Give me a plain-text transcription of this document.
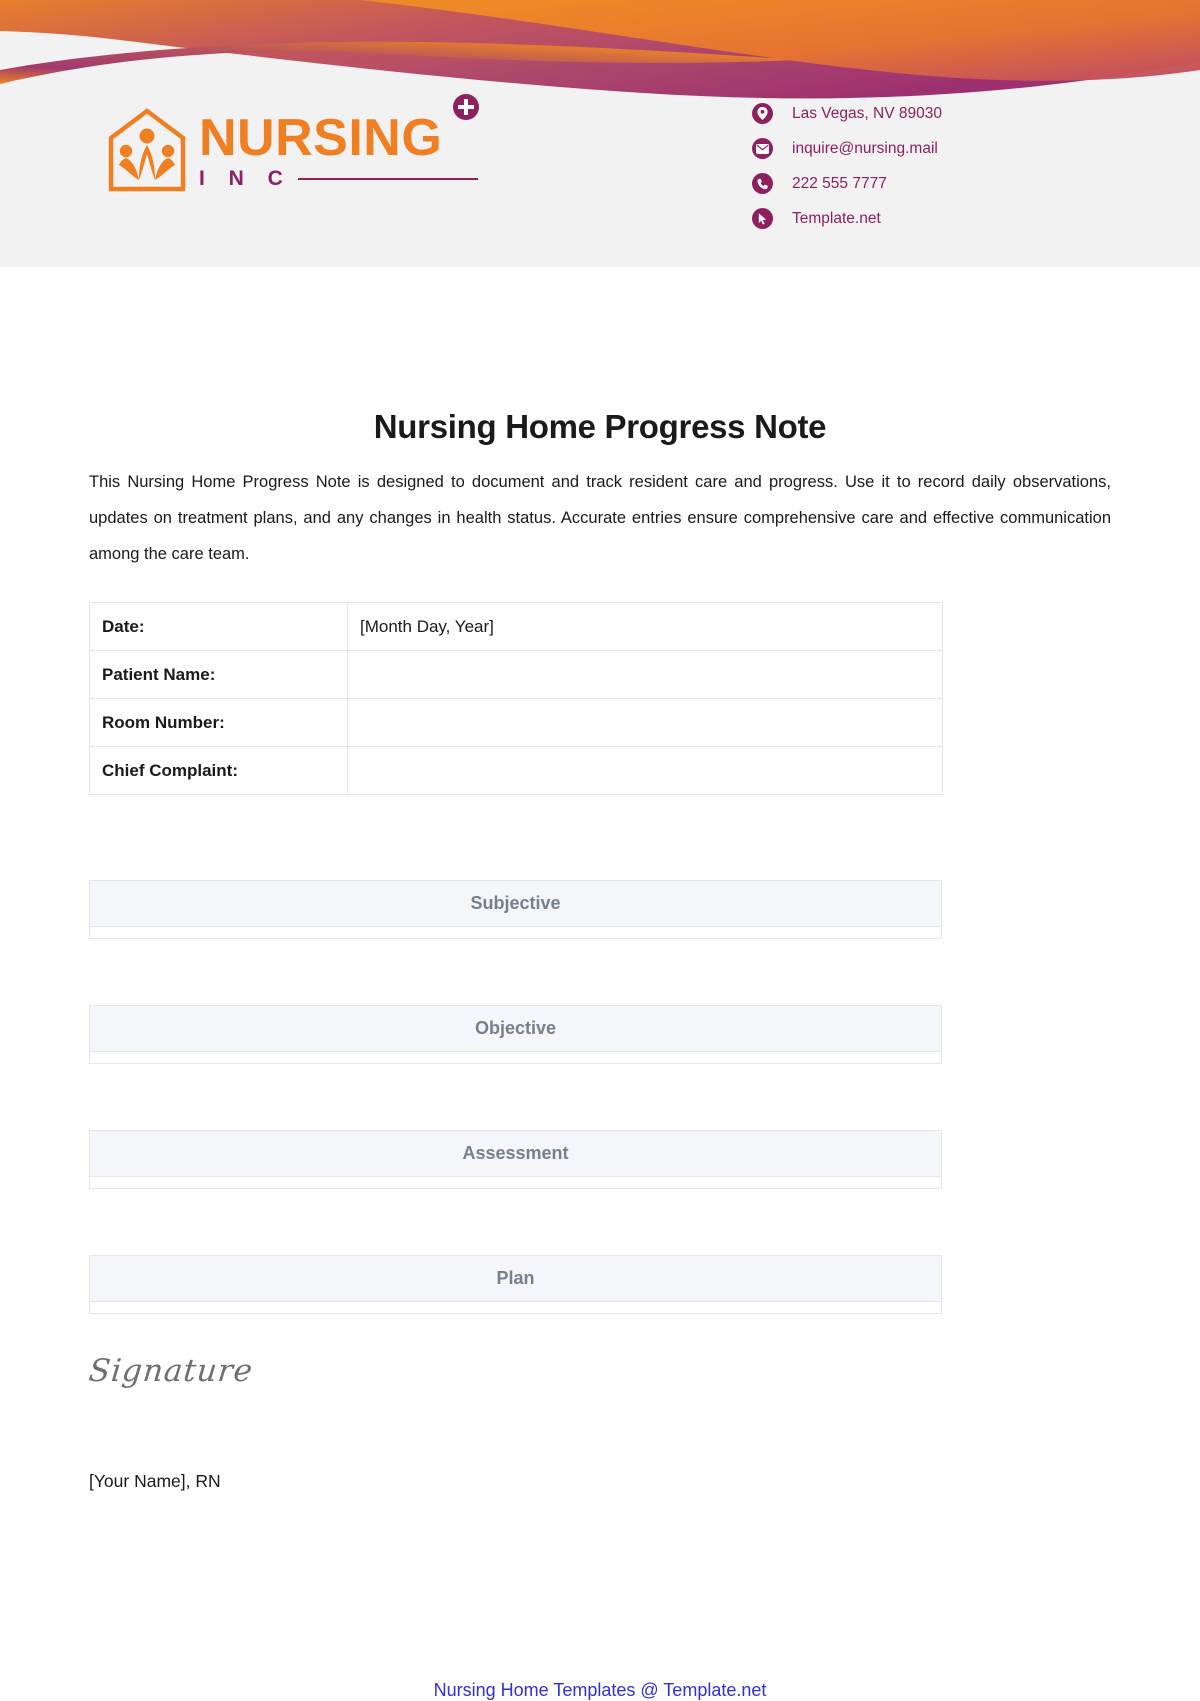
NURSING
I N C
Las Vegas, NV 89030
inquire@nursing.mail
222 555 7777
Template.net
Nursing Home Progress Note

This Nursing Home Progress Note is designed to document and track resident care and progress. Use it to record daily observations, updates on treatment plans, and any changes in health status. Accurate entries ensure comprehensive care and effective communication among the care team.

Date:	[Month Day, Year]
Patient Name:	
Room Number:	
Chief Complaint:	
Subjective
Objective
Assessment
Plan
Signature
[Your Name], RN
Nursing Home Templates @ Template.net
